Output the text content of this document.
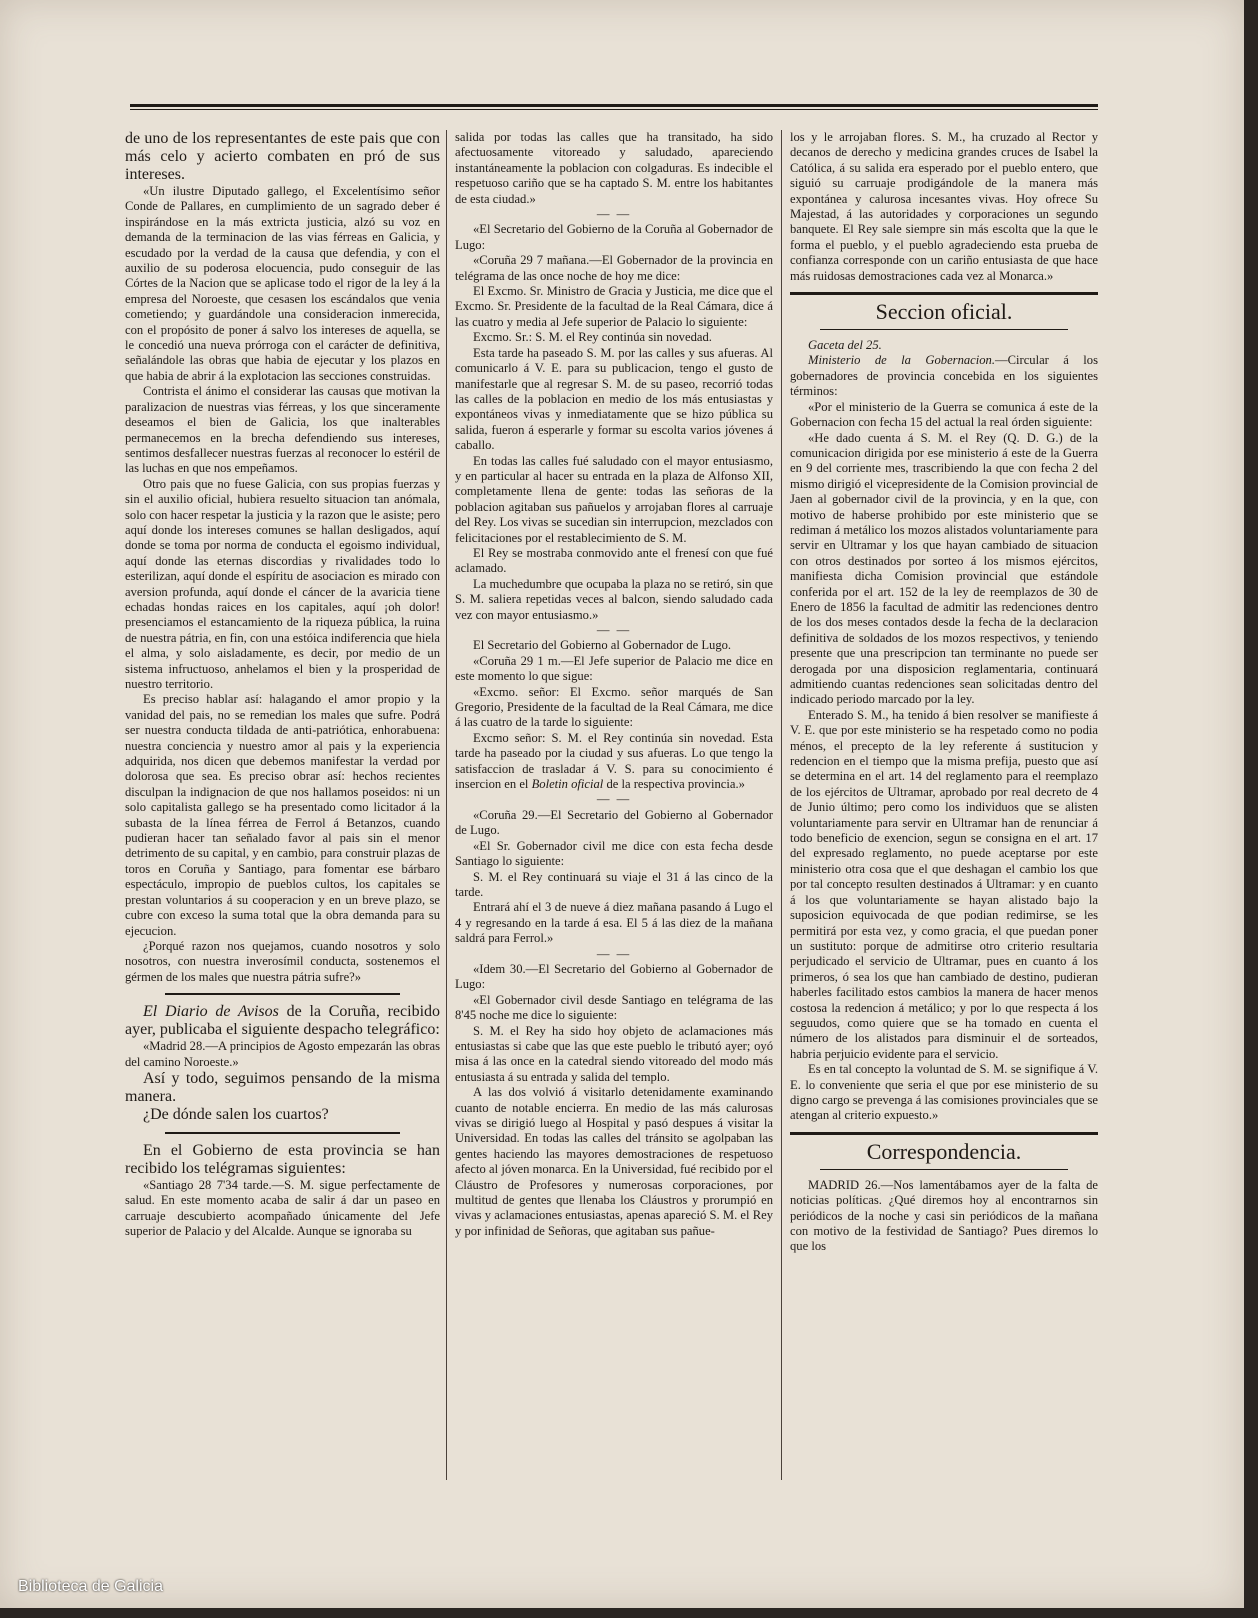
de uno de los representantes de este pais que con más celo y acierto combaten en pró de sus intereses.

«Un ilustre Diputado gallego, el Excelentísimo señor Conde de Pallares, en cumplimiento de un sagrado deber é inspirándose en la más extricta justicia, alzó su voz en demanda de la terminacion de las vias férreas en Galicia, y escudado por la verdad de la causa que defendia, y con el auxilio de su poderosa elocuencia, pudo conseguir de las Córtes de la Nacion que se aplicase todo el rigor de la ley á la empresa del Noroeste, que cesasen los escándalos que venia cometiendo; y guardándole una consideracion inmerecida, con el propósito de poner á salvo los intereses de aquella, se le concedió una nueva prórroga con el carácter de definitiva, señalándole las obras que habia de ejecutar y los plazos en que habia de abrir á la explotacion las secciones construidas.

Contrista el ánimo el considerar las causas que motivan la paralizacion de nuestras vias férreas, y los que sinceramente deseamos el bien de Galicia, los que inalterables permanecemos en la brecha defendiendo sus intereses, sentimos desfallecer nuestras fuerzas al reconocer lo estéril de las luchas en que nos empeñamos.

Otro pais que no fuese Galicia, con sus propias fuerzas y sin el auxilio oficial, hubiera resuelto situacion tan anómala, solo con hacer respetar la justicia y la razon que le asiste; pero aquí donde los intereses comunes se hallan desligados, aquí donde se toma por norma de conducta el egoismo individual, aquí donde las eternas discordias y rivalidades todo lo esterilizan, aquí donde el espíritu de asociacion es mirado con aversion profunda, aquí donde el cáncer de la avaricia tiene echadas hondas raices en los capitales, aquí ¡oh dolor! presenciamos el estancamiento de la riqueza pública, la ruina de nuestra pátria, en fin, con una estóica indiferencia que hiela el alma, y solo aisladamente, es decir, por medio de un sistema infructuoso, anhelamos el bien y la prosperidad de nuestro territorio.

Es preciso hablar así: halagando el amor propio y la vanidad del pais, no se remedian los males que sufre. Podrá ser nuestra conducta tildada de anti-patriótica, enhorabuena: nuestra conciencia y nuestro amor al pais y la experiencia adquirida, nos dicen que debemos manifestar la verdad por dolorosa que sea. Es preciso obrar así: hechos recientes disculpan la indignacion de que nos hallamos poseidos: ni un solo capitalista gallego se ha presentado como licitador á la subasta de la línea férrea de Ferrol á Betanzos, cuando pudieran hacer tan señalado favor al pais sin el menor detrimento de su capital, y en cambio, para construir plazas de toros en Coruña y Santiago, para fomentar ese bárbaro espectáculo, impropio de pueblos cultos, los capitales se prestan voluntarios á su cooperacion y en un breve plazo, se cubre con exceso la suma total que la obra demanda para su ejecucion.

¿Porqué razon nos quejamos, cuando nosotros y solo nosotros, con nuestra inverosímil conducta, sostenemos el gérmen de los males que nuestra pátria sufre?»

El Diario de Avisos de la Coruña, recibido ayer, publicaba el siguiente despacho telegráfico:

«Madrid 28.—A principios de Agosto empezarán las obras del camino Noroeste.»

Así y todo, seguimos pensando de la misma manera.

¿De dónde salen los cuartos?

En el Gobierno de esta provincia se han recibido los telégramas siguientes:

«Santiago 28 7'34 tarde.—S. M. sigue perfectamente de salud. En este momento acaba de salir á dar un paseo en carruaje descubierto acompañado únicamente del Jefe superior de Palacio y del Alcalde. Aunque se ignoraba su

salida por todas las calles que ha transitado, ha sido afectuosamente vitoreado y saludado, apareciendo instantáneamente la poblacion con colgaduras. Es indecible el respetuoso cariño que se ha captado S. M. entre los habitantes de esta ciudad.»

— —

«El Secretario del Gobierno de la Coruña al Gobernador de Lugo:

«Coruña 29 7 mañana.—El Gobernador de la provincia en telégrama de las once noche de hoy me dice:

El Excmo. Sr. Ministro de Gracia y Justicia, me dice que el Excmo. Sr. Presidente de la facultad de la Real Cámara, dice á las cuatro y media al Jefe superior de Palacio lo siguiente:

Excmo. Sr.: S. M. el Rey continúa sin novedad.

Esta tarde ha paseado S. M. por las calles y sus afueras. Al comunicarlo á V. E. para su publicacion, tengo el gusto de manifestarle que al regresar S. M. de su paseo, recorrió todas las calles de la poblacion en medio de los más entusiastas y expontáneos vivas y inmediatamente que se hizo pública su salida, fueron á esperarle y formar su escolta varios jóvenes á caballo.

En todas las calles fué saludado con el mayor entusiasmo, y en particular al hacer su entrada en la plaza de Alfonso XII, completamente llena de gente: todas las señoras de la poblacion agitaban sus pañuelos y arrojaban flores al carruaje del Rey. Los vivas se sucedian sin interrupcion, mezclados con felicitaciones por el restablecimiento de S. M.

El Rey se mostraba conmovido ante el frenesí con que fué aclamado.

La muchedumbre que ocupaba la plaza no se retiró, sin que S. M. saliera repetidas veces al balcon, siendo saludado cada vez con mayor entusiasmo.»

— —

El Secretario del Gobierno al Gobernador de Lugo.

«Coruña 29 1 m.—El Jefe superior de Palacio me dice en este momento lo que sigue:

«Excmo. señor: El Excmo. señor marqués de San Gregorio, Presidente de la facultad de la Real Cámara, me dice á las cuatro de la tarde lo siguiente:

Excmo señor: S. M. el Rey continúa sin novedad. Esta tarde ha paseado por la ciudad y sus afueras. Lo que tengo la satisfaccion de trasladar á V. S. para su conocimiento é insercion en el Boletin oficial de la respectiva provincia.»

— —

«Coruña 29.—El Secretario del Gobierno al Gobernador de Lugo.

«El Sr. Gobernador civil me dice con esta fecha desde Santiago lo siguiente:

S. M. el Rey continuará su viaje el 31 á las cinco de la tarde.

Entrará ahí el 3 de nueve á diez mañana pasando á Lugo el 4 y regresando en la tarde á esa. El 5 á las diez de la mañana saldrá para Ferrol.»

— —

«Idem 30.—El Secretario del Gobierno al Gobernador de Lugo:

«El Gobernador civil desde Santiago en telégrama de las 8'45 noche me dice lo siguiente:

S. M. el Rey ha sido hoy objeto de aclamaciones más entusiastas si cabe que las que este pueblo le tributó ayer; oyó misa á las once en la catedral siendo vitoreado del modo más entusiasta á su entrada y salida del templo.

A las dos volvió á visitarlo detenidamente examinando cuanto de notable encierra. En medio de las más calurosas vivas se dirigió luego al Hospital y pasó despues á visitar la Universidad. En todas las calles del tránsito se agolpaban las gentes haciendo las mayores demostraciones de respetuoso afecto al jóven monarca. En la Universidad, fué recibido por el Cláustro de Profesores y numerosas corporaciones, por multitud de gentes que llenaba los Cláustros y prorumpió en vivas y aclamaciones entusiastas, apenas apareció S. M. el Rey y por infinidad de Señoras, que agitaban sus pañue-

los y le arrojaban flores. S. M., ha cruzado al Rector y decanos de derecho y medicina grandes cruces de Isabel la Católica, á su salida era esperado por el pueblo entero, que siguió su carruaje prodigándole de la manera más expontánea y calurosa incesantes vivas. Hoy ofrece Su Majestad, á las autoridades y corporaciones un segundo banquete. El Rey sale siempre sin más escolta que la que le forma el pueblo, y el pueblo agradeciendo esta prueba de confianza corresponde con un cariño entusiasta de que hace más ruidosas demostraciones cada vez al Monarca.»

Seccion oficial.

Gaceta del 25.

Ministerio de la Gobernacion.—Circular á los gobernadores de provincia concebida en los siguientes términos:

«Por el ministerio de la Guerra se comunica á este de la Gobernacion con fecha 15 del actual la real órden siguiente:

«He dado cuenta á S. M. el Rey (Q. D. G.) de la comunicacion dirigida por ese ministerio á este de la Guerra en 9 del corriente mes, trascribiendo la que con fecha 2 del mismo dirigió el vicepresidente de la Comision provincial de Jaen al gobernador civil de la provincia, y en la que, con motivo de haberse prohibido por este ministerio que se rediman á metálico los mozos alistados voluntariamente para servir en Ultramar y los que hayan cambiado de situacion con otros destinados por sorteo á los mismos ejércitos, manifiesta dicha Comision provincial que estándole conferida por el art. 152 de la ley de reemplazos de 30 de Enero de 1856 la facultad de admitir las redenciones dentro de los dos meses contados desde la fecha de la declaracion definitiva de soldados de los mozos respectivos, y teniendo presente que una prescripcion tan terminante no puede ser derogada por una disposicion reglamentaria, continuará admitiendo cuantas redenciones sean solicitadas dentro del indicado periodo marcado por la ley.

Enterado S. M., ha tenido á bien resolver se manifieste á V. E. que por este ministerio se ha respetado como no podia ménos, el precepto de la ley referente á sustitucion y redencion en el tiempo que la misma prefija, puesto que así se determina en el art. 14 del reglamento para el reemplazo de los ejércitos de Ultramar, aprobado por real decreto de 4 de Junio último; pero como los individuos que se alisten voluntariamente para servir en Ultramar han de renunciar á todo beneficio de exencion, segun se consigna en el art. 17 del expresado reglamento, no puede aceptarse por este ministerio otra cosa que el que deshagan el cambio los que por tal concepto resulten destinados á Ultramar: y en cuanto á los que voluntariamente se hayan alistado bajo la suposicion equivocada de que podian redimirse, se les permitirá por esta vez, y como gracia, el que puedan poner un sustituto: porque de admitirse otro criterio resultaria perjudicado el servicio de Ultramar, pues en cuanto á los primeros, ó sea los que han cambiado de destino, pudieran haberles facilitado estos cambios la manera de hacer menos costosa la redencion á metálico; y por lo que respecta á los seguudos, como quiere que se ha tomado en cuenta el número de los alistados para disminuir el de sorteados, habria perjuicio evidente para el servicio.

Es en tal concepto la voluntad de S. M. se signifique á V. E. lo conveniente que seria el que por ese ministerio de su digno cargo se prevenga á las comisiones provinciales que se atengan al criterio expuesto.»

Correspondencia.

MADRID 26.—Nos lamentábamos ayer de la falta de noticias políticas. ¿Qué diremos hoy al encontrarnos sin periódicos de la noche y casi sin periódicos de la mañana con motivo de la festividad de Santiago? Pues diremos lo que los

Biblioteca de Galicia
